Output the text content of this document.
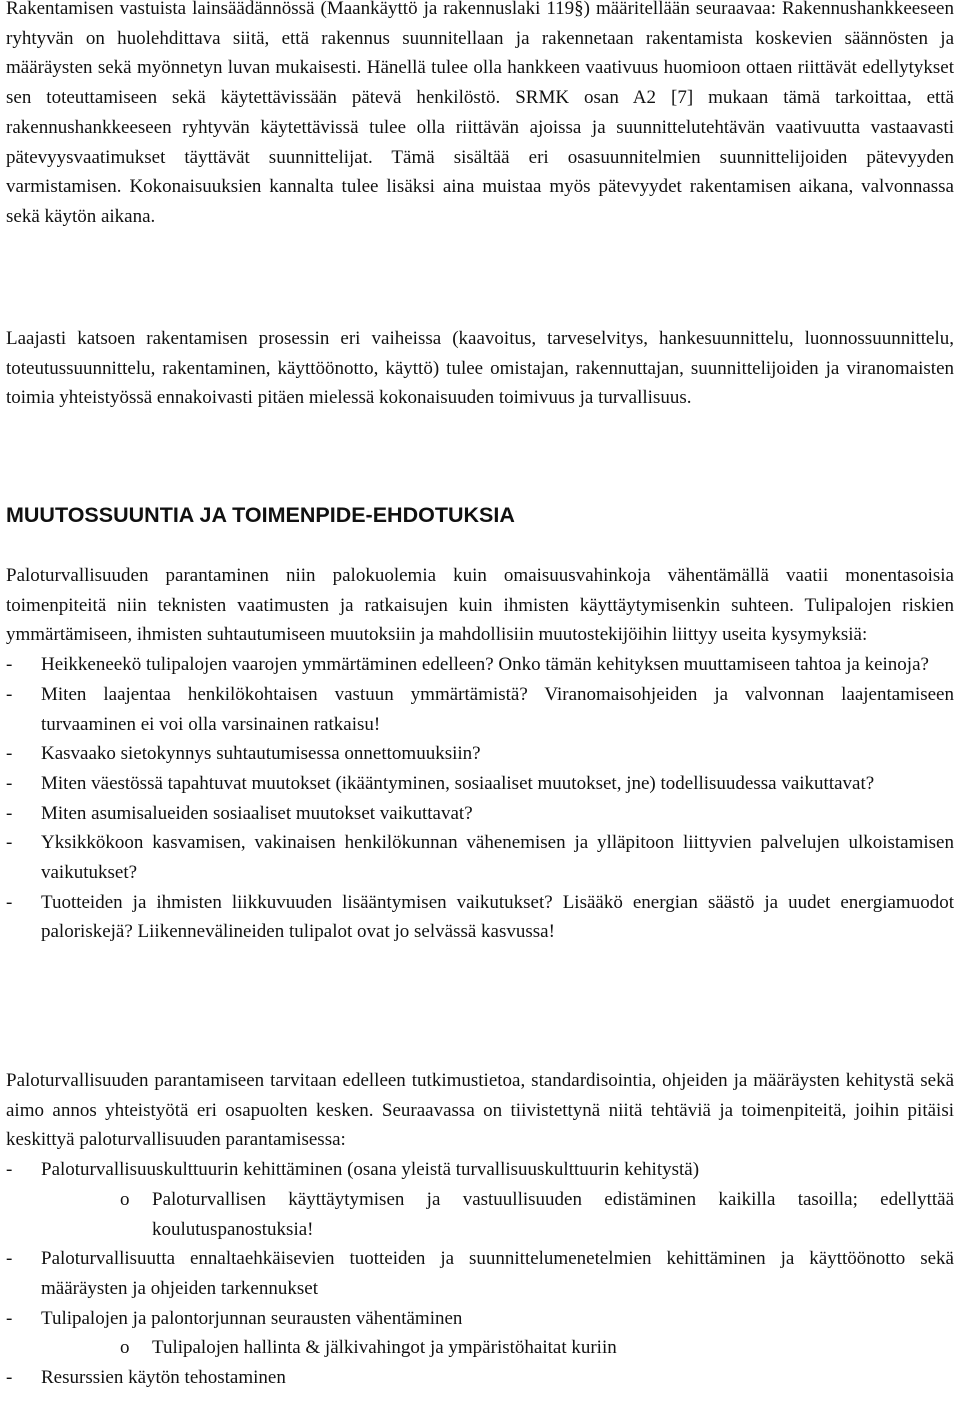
Rakentamisen vastuista lainsäädännössä (Maankäyttö ja rakennuslaki 119§) määritellään seuraavaa: Rakennushankkeeseen ryhtyvän on huolehdittava siitä, että rakennus suunnitellaan ja rakennetaan rakentamista koskevien säännösten ja määräysten sekä myönnetyn luvan mukaisesti. Hänellä tulee olla hankkeen vaativuus huomioon ottaen riittävät edellytykset sen toteuttamiseen sekä käytettävissään pätevä henkilöstö. SRMK osan A2 [7] mukaan tämä tarkoittaa, että rakennushankkeeseen ryhtyvän käytettävissä tulee olla riittävän ajoissa ja suunnittelutehtävän vaativuutta vastaavasti pätevyysvaatimukset täyttävät suunnittelijat. Tämä sisältää eri osasuunnitelmien suunnittelijoiden pätevyyden varmistamisen. Kokonaisuuksien kannalta tulee lisäksi aina muistaa myös pätevyydet rakentamisen aikana, valvonnassa sekä käytön aikana.

Laajasti katsoen rakentamisen prosessin eri vaiheissa (kaavoitus, tarveselvitys, hankesuunnittelu, luonnossuunnittelu, toteutussuunnittelu, rakentaminen, käyttöönotto, käyttö) tulee omistajan, rakennuttajan, suunnittelijoiden ja viranomaisten toimia yhteistyössä ennakoivasti pitäen mielessä kokonaisuuden toimivuus ja turvallisuus.

MUUTOSSUUNTIA JA TOIMENPIDE-EHDOTUKSIA

Paloturvallisuuden parantaminen niin palokuolemia kuin omaisuusvahinkoja vähentämällä vaatii monentasoisia toimenpiteitä niin teknisten vaatimusten ja ratkaisujen kuin ihmisten käyttäytymisenkin suhteen. Tulipalojen riskien ymmärtämiseen, ihmisten suhtautumiseen muutoksiin ja mahdollisiin muutostekijöihin liittyy useita kysymyksiä:

- Heikkeneekö tulipalojen vaarojen ymmärtäminen edelleen? Onko tämän kehityksen muuttamiseen tahtoa ja keinoja?
- Miten laajentaa henkilökohtaisen vastuun ymmärtämistä? Viranomaisohjeiden ja valvonnan laajentamiseen turvaaminen ei voi olla varsinainen ratkaisu!
- Kasvaako sietokynnys suhtautumisessa onnettomuuksiin?
- Miten väestössä tapahtuvat muutokset (ikääntyminen, sosiaaliset muutokset, jne) todellisuudessa vaikuttavat?
- Miten asumisalueiden sosiaaliset muutokset vaikuttavat?
- Yksikkökoon kasvamisen, vakinaisen henkilökunnan vähenemisen ja ylläpitoon liittyvien palvelujen ulkoistamisen vaikutukset?
- Tuotteiden ja ihmisten liikkuvuuden lisääntymisen vaikutukset? Lisääkö energian säästö ja uudet energiamuodot paloriskejä? Liikennevälineiden tulipalot ovat jo selvässä kasvussa!

Paloturvallisuuden parantamiseen tarvitaan edelleen tutkimustietoa, standardisointia, ohjeiden ja määräysten kehitystä sekä aimo annos yhteistyötä eri osapuolten kesken. Seuraavassa on tiivistettynä niitä tehtäviä ja toimenpiteitä, joihin pitäisi keskittyä paloturvallisuuden parantamisessa:

- Paloturvallisuuskulttuurin kehittäminen (osana yleistä turvallisuuskulttuurin kehitystä)
o Paloturvallisen käyttäytymisen ja vastuullisuuden edistäminen kaikilla tasoilla; edellyttää koulutuspanostuksia!
- Paloturvallisuutta ennaltaehkäisevien tuotteiden ja suunnittelumenetelmien kehittäminen ja käyttöönotto sekä määräysten ja ohjeiden tarkennukset
- Tulipalojen ja palontorjunnan seurausten vähentäminen
o Tulipalojen hallinta & jälkivahingot ja ympäristöhaitat kuriin
- Resurssien käytön tehostaminen
